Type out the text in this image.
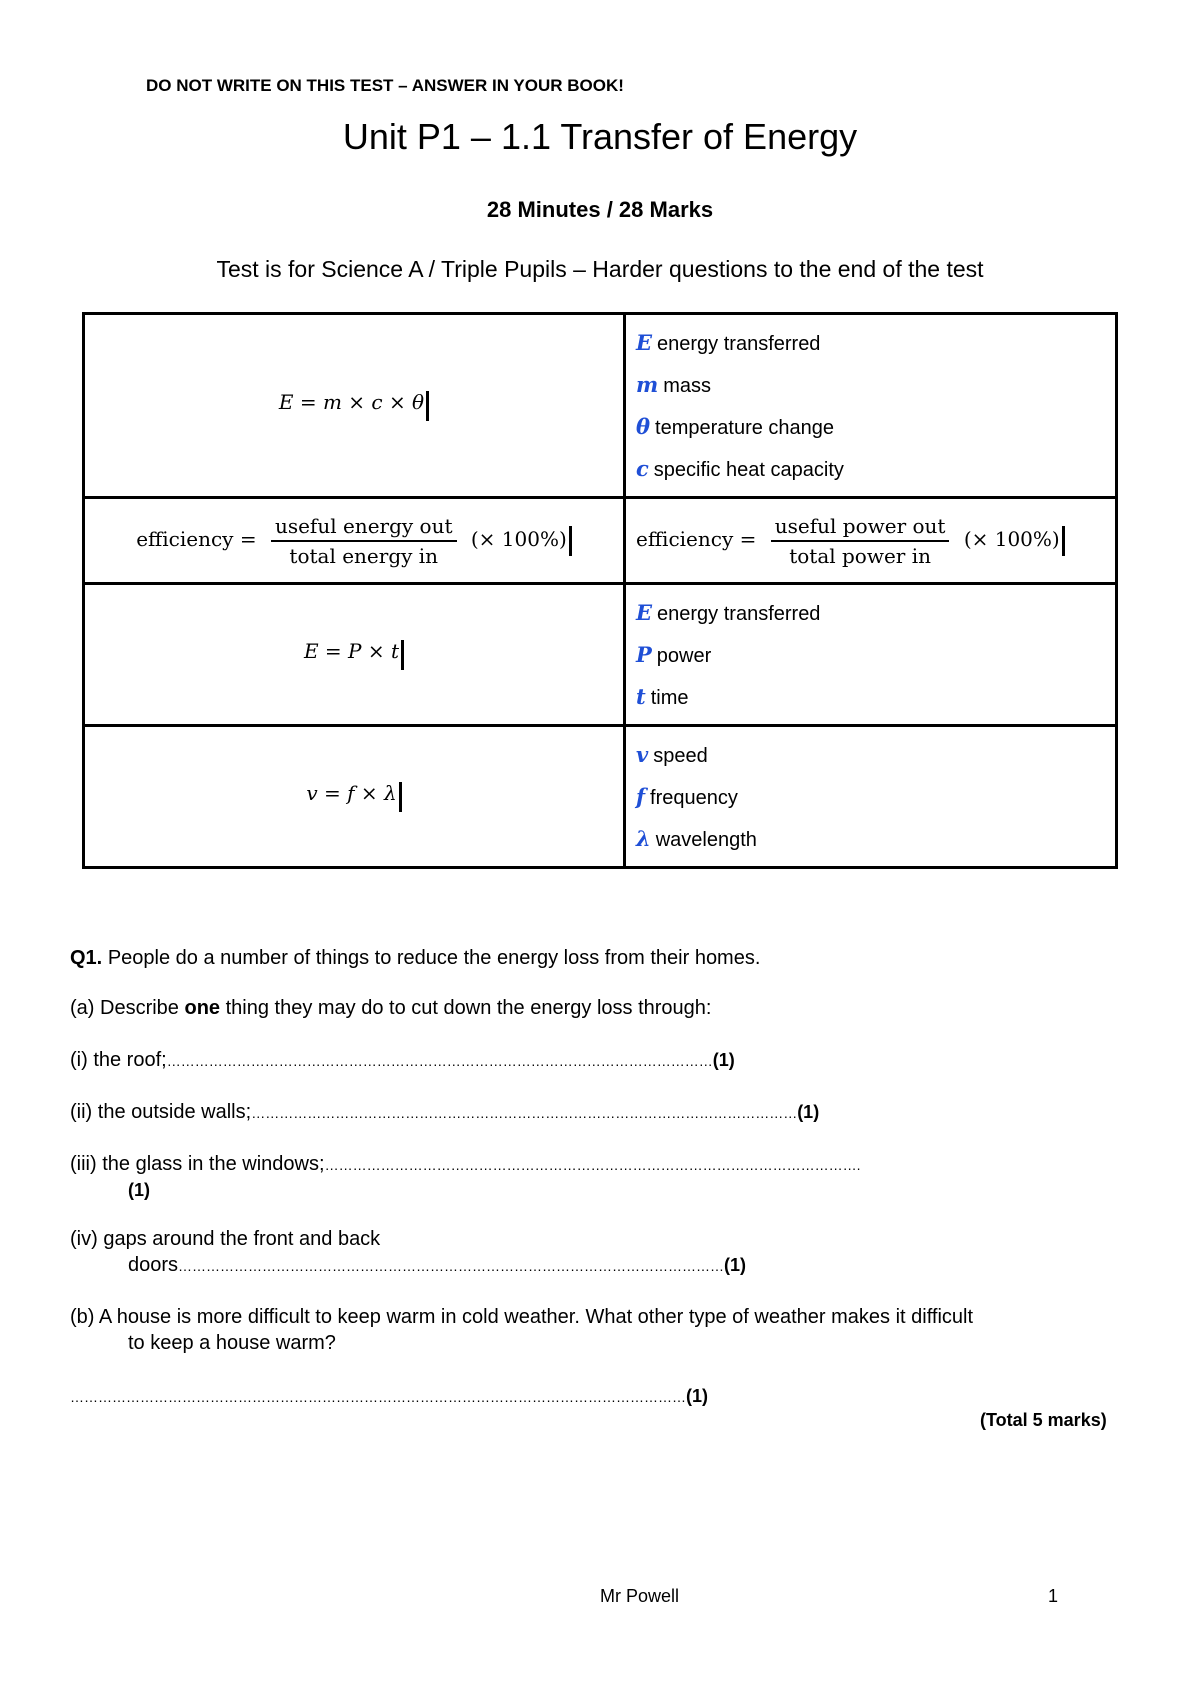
DO NOT WRITE ON THIS TEST – ANSWER IN YOUR BOOK!
Unit P1 – 1.1 Transfer of Energy
28 Minutes / 28 Marks
Test is for Science A / Triple Pupils – Harder questions to the end of the test
E = m × c × θ	E energy transferred
m mass
θ temperature change
c specific heat capacity

efficiency = $\frac{\text{useful energy out}}{\text{total energy in}}$ (× 100%)	efficiency = $\frac{\text{useful power out}}{\text{total power in}}$ (× 100%)
E = P × t	E energy transferred
P power
t time

v = f × λ	v speed
f frequency
λ wavelength
Q1. People do a number of things to reduce the energy loss from their homes.
(a) Describe one thing they may do to cut down the energy loss through:
(i) the roof;………………………………………………………………………………………………………(1)
(ii) the outside walls;………………………………………………………………………………………………………(1)
(iii) the glass in the windows;…………………………………………………………………………………………………….
(1)
(iv) gaps around the front and back
doors………………………………………………………………………………………………………(1)
(b) A house is more difficult to keep warm in cold weather. What other type of weather makes it difficult
to keep a house warm?
……………………………………………………………………………………………………………………(1)
(Total 5 marks)
Mr Powell	1
